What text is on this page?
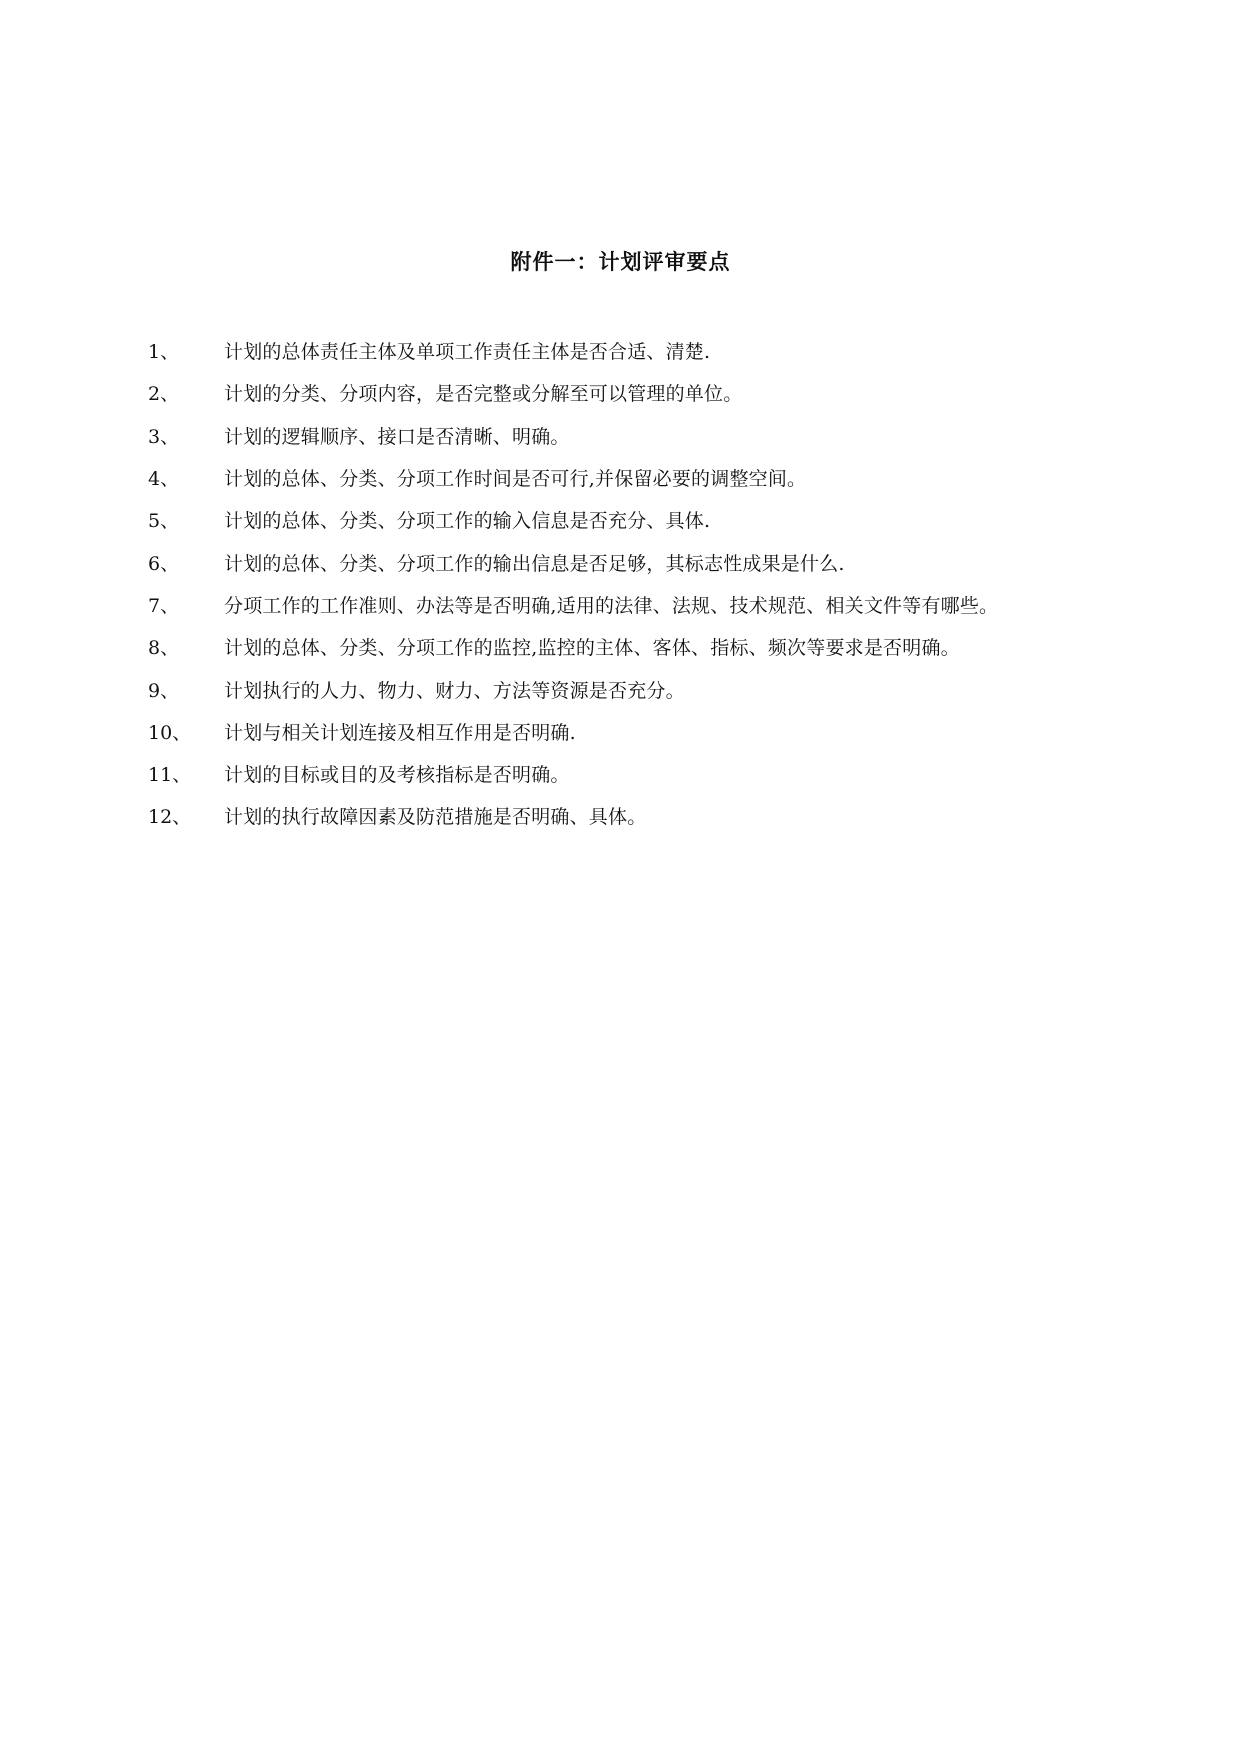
附件一：计划评审要点
1、	计划的总体责任主体及单项工作责任主体是否合适、清楚.
2、	计划的分类、分项内容，是否完整或分解至可以管理的单位。
3、	计划的逻辑顺序、接口是否清晰、明确。
4、	计划的总体、分类、分项工作时间是否可行,并保留必要的调整空间。
5、	计划的总体、分类、分项工作的输入信息是否充分、具体.
6、	计划的总体、分类、分项工作的输出信息是否足够，其标志性成果是什么.
7、	分项工作的工作准则、办法等是否明确,适用的法律、法规、技术规范、相关文件等有哪些。
8、	计划的总体、分类、分项工作的监控,监控的主体、客体、指标、频次等要求是否明确。
9、	计划执行的人力、物力、财力、方法等资源是否充分。
10、	计划与相关计划连接及相互作用是否明确.
11、	计划的目标或目的及考核指标是否明确。
12、	计划的执行故障因素及防范措施是否明确、具体。
